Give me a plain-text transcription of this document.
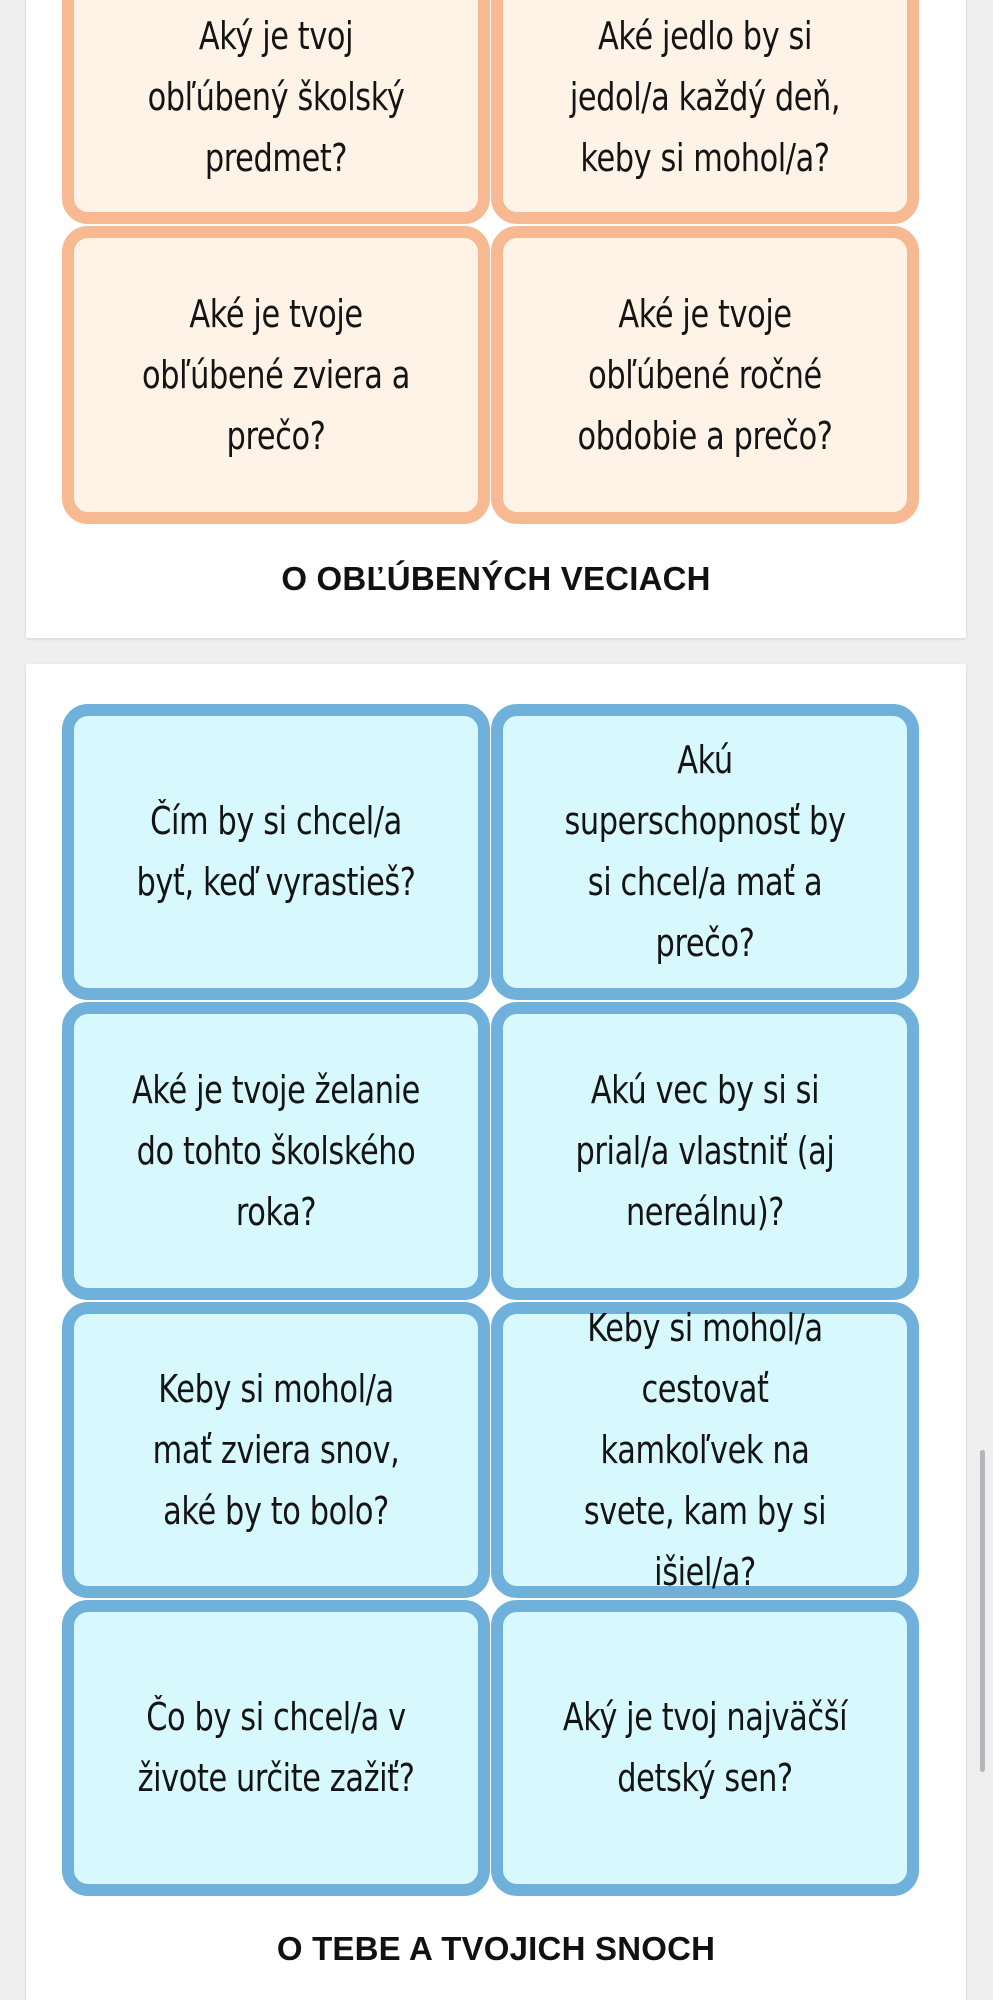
Aký je tvoj obľúbený školský predmet?
Aké jedlo by si jedol/a každý deň, keby si mohol/a?
Aké je tvoje obľúbené zviera a prečo?
Aké je tvoje obľúbené ročné obdobie a prečo?
O OBĽÚBENÝCH VECIACH
Čím by si chcel/a byť, keď vyrastieš?
Akú superschopnosť by si chcel/a mať a prečo?
Aké je tvoje želanie do tohto školského roka?
Akú vec by si si prial/a vlastniť (aj nereálnu)?
Keby si mohol/a mať zviera snov, aké by to bolo?
Keby si mohol/a cestovať kamkoľvek na svete, kam by si išiel/a?
Čo by si chcel/a v živote určite zažiť?
Aký je tvoj najväčší detský sen?
O TEBE A TVOJICH SNOCH
